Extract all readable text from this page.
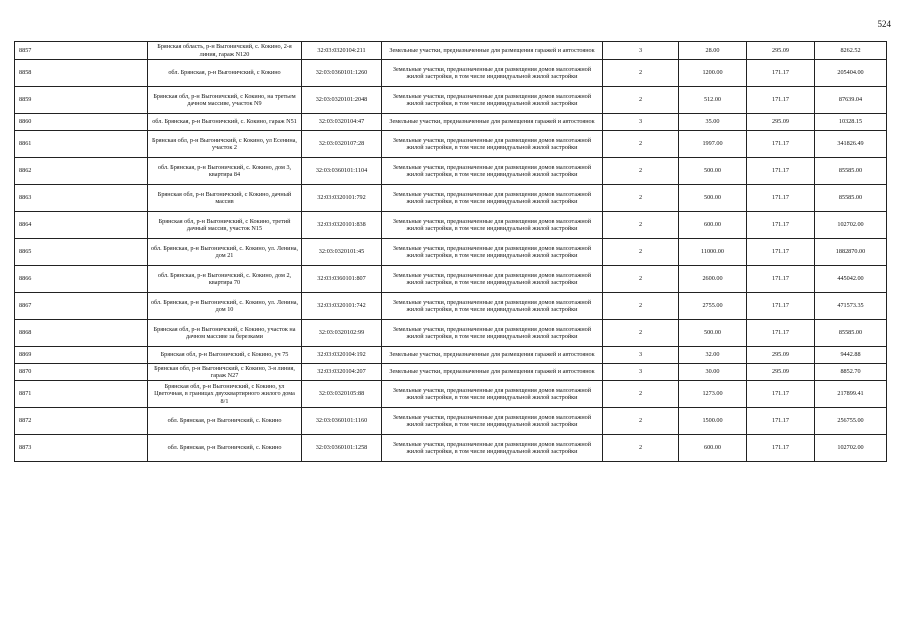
524
8857	Брянская область, р-н Выгоничский, с. Кокино, 2-я линия, гараж N120	32:03:0320104:211	Земельные участки, предназначенные для размещения гаражей и автостоянок	3	28.00	295.09	8262.52
8858	обл. Брянская, р-н Выгоничский, с Кокино	32:03:0360101:1260	Земельные участки, предназначенные для размещения домов малоэтажной жилой застройки, в том числе индивидуальной жилой застройки	2	1200.00	171.17	205404.00
8859	Брянская обл, р-н Выгоничский, с Кокино, на третьем дачном массиве, участок N9	32:03:0320101:2048	Земельные участки, предназначенные для размещения домов малоэтажной жилой застройки, в том числе индивидуальной жилой застройки	2	512.00	171.17	87639.04
8860	обл. Брянская, р-н Выгоничский, с. Кокино, гараж N51	32:03:0320104:47	Земельные участки, предназначенные для размещения гаражей и автостоянок	3	35.00	295.09	10328.15
8861	Брянская обл, р-н Выгоничский, с Кокино, ул Есенина, участок 2	32:03:0320107:28	Земельные участки, предназначенные для размещения домов малоэтажной жилой застройки, в том числе индивидуальной жилой застройки	2	1997.00	171.17	341826.49
8862	обл. Брянская, р-н Выгоничский, с. Кокино, дом 3, квартира 84	32:03:0360101:1104	Земельные участки, предназначенные для размещения домов малоэтажной жилой застройки, в том числе индивидуальной жилой застройки	2	500.00	171.17	85585.00
8863	Брянская обл, р-н Выгоничский, с Кокино, дачный массив	32:03:0320101:792	Земельные участки, предназначенные для размещения домов малоэтажной жилой застройки, в том числе индивидуальной жилой застройки	2	500.00	171.17	85585.00
8864	Брянская обл, р-н Выгоничский, с Кокино, третий дачный массив, участок N15	32:03:0320101:838	Земельные участки, предназначенные для размещения домов малоэтажной жилой застройки, в том числе индивидуальной жилой застройки	2	600.00	171.17	102702.00
8865	обл. Брянская, р-н Выгоничский, с. Кокино, ул. Ленина, дом 21	32:03:0320101:45	Земельные участки, предназначенные для размещения домов малоэтажной жилой застройки, в том числе индивидуальной жилой застройки	2	11000.00	171.17	1882870.00
8866	обл. Брянская, р-н Выгоничский, с. Кокино, дом 2, квартира 70	32:03:0360101:807	Земельные участки, предназначенные для размещения домов малоэтажной жилой застройки, в том числе индивидуальной жилой застройки	2	2600.00	171.17	445042.00
8867	обл. Брянская, р-н Выгоничский, с. Кокино, ул. Ленина, дом 10	32:03:0320101:742	Земельные участки, предназначенные для размещения домов малоэтажной жилой застройки, в том числе индивидуальной жилой застройки	2	2755.00	171.17	471573.35
8868	Брянская обл, р-н Выгоничский, с Кокино, участок на дачном массиве за березками	32:03:0320102:99	Земельные участки, предназначенные для размещения домов малоэтажной жилой застройки, в том числе индивидуальной жилой застройки	2	500.00	171.17	85585.00
8869	Брянская обл, р-н Выгоничский, с Кокино, уч 75	32:03:0320104:192	Земельные участки, предназначенные для размещения гаражей и автостоянок	3	32.00	295.09	9442.88
8870	Брянская обл, р-н Выгоничский, с Кокино, 3-я линия, гараж N27	32:03:0320104:207	Земельные участки, предназначенные для размещения гаражей и автостоянок	3	30.00	295.09	8852.70
8871	Брянская обл, р-н Выгоничский, с Кокино, ул Цветочная, в границах двухквартирного жилого дома 8/1	32:03:0320105:88	Земельные участки, предназначенные для размещения домов малоэтажной жилой застройки, в том числе индивидуальной жилой застройки	2	1273.00	171.17	217899.41
8872	обл. Брянская, р-н Выгоничский, с. Кокино	32:03:0360101:1160	Земельные участки, предназначенные для размещения домов малоэтажной жилой застройки, в том числе индивидуальной жилой застройки	2	1500.00	171.17	256755.00
8873	обл. Брянская, р-н Выгоничский, с. Кокино	32:03:0360101:1258	Земельные участки, предназначенные для размещения домов малоэтажной жилой застройки, в том числе индивидуальной жилой застройки	2	600.00	171.17	102702.00
